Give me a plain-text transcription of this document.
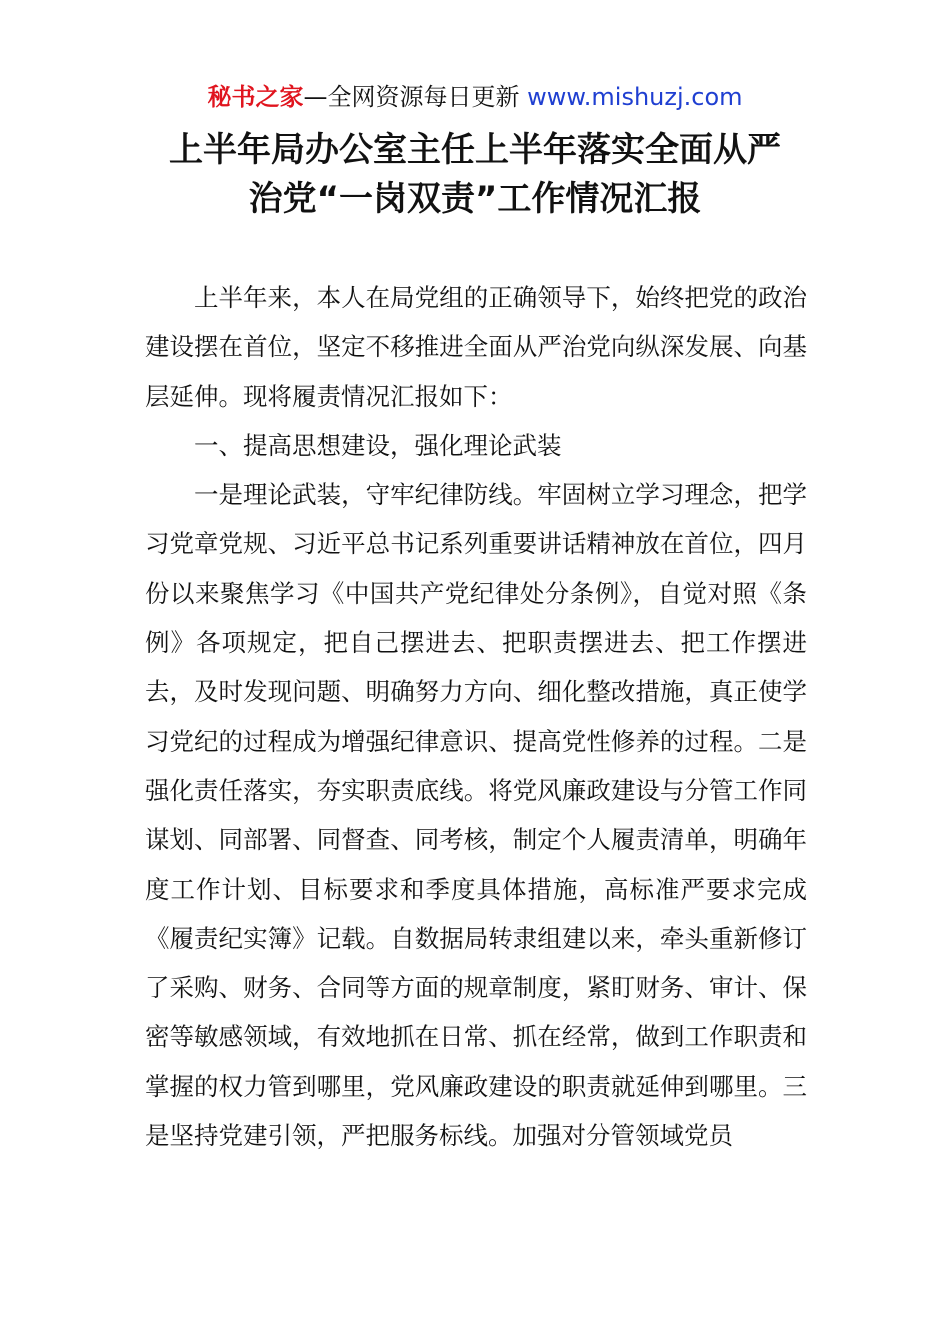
秘书之家—全网资源每日更新 www.mishuzj.com
上半年局办公室主任上半年落实全面从严
治党“一岗双责”工作情况汇报

上半年来，本人在局党组的正确领导下，始终把党的政治建设摆在首位，坚定不移推进全面从严治党向纵深发展、向基层延伸。现将履责情况汇报如下：

一、提高思想建设，强化理论武装

一是理论武装，守牢纪律防线。牢固树立学习理念，把学习党章党规、习近平总书记系列重要讲话精神放在首位，四月份以来聚焦学习《中国共产党纪律处分条例》，自觉对照《条例》各项规定，把自己摆进去、把职责摆进去、把工作摆进去，及时发现问题、明确努力方向、细化整改措施，真正使学习党纪的过程成为增强纪律意识、提高党性修养的过程。二是强化责任落实，夯实职责底线。将党风廉政建设与分管工作同谋划、同部署、同督查、同考核，制定个人履责清单，明确年度工作计划、目标要求和季度具体措施，高标准严要求完成《履责纪实簿》记载。自数据局转隶组建以来，牵头重新修订了采购、财务、合同等方面的规章制度，紧盯财务、审计、保密等敏感领域，有效地抓在日常、抓在经常，做到工作职责和掌握的权力管到哪里，党风廉政建设的职责就延伸到哪里。三是坚持党建引领，严把服务标线。加强对分管领域党员
